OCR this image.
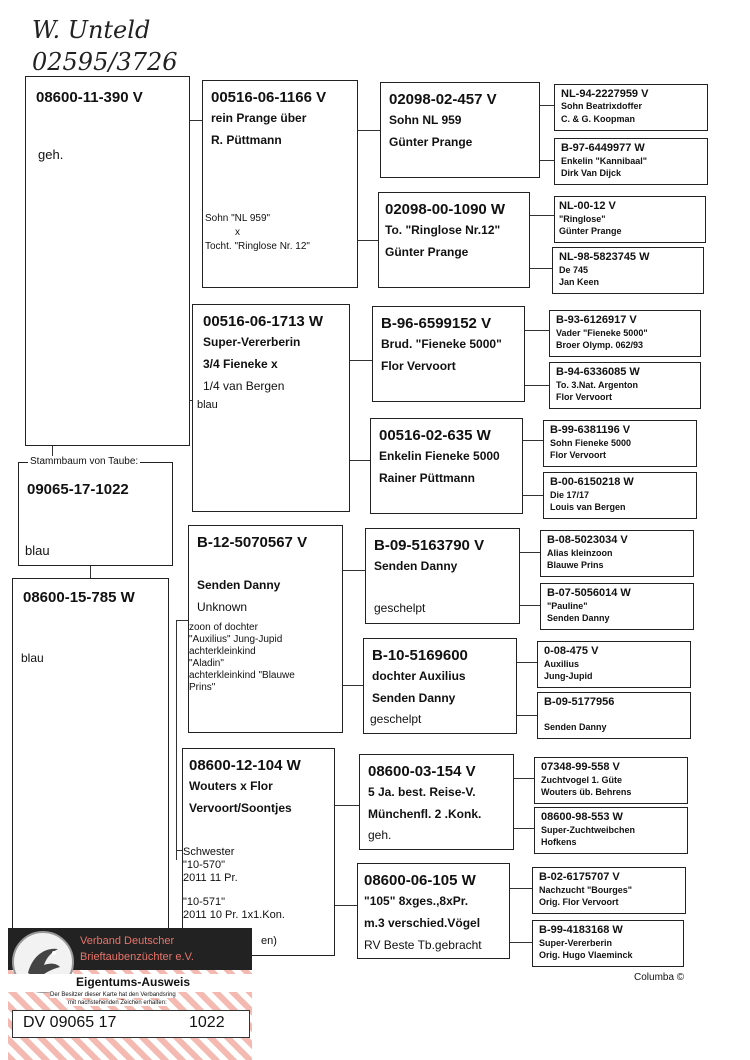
W. Unteld
02595/3726
08600-11-390 V
geh.
09065-17-1022
blau
Stammbaum von Taube:
08600-15-785 W
blau
00516-06-1166 V
rein Prange über
R. Püttmann
Sohn "NL 959"
x
Tocht. "Ringlose Nr. 12"
00516-06-1713 W
Super-Vererberin
3/4 Fieneke x
1/4 van Bergen
blau
B-12-5070567 V
Senden Danny
Unknown
zoon of dochter
"Auxilius" Jung-Jupid
achterkleinkind
"Aladin"
achterkleinkind "Blauwe
Prins"
08600-12-104 W
Wouters x Flor
Vervoort/Soontjes
Schwester
"10-570"
2011 11 Pr.
"10-571"
2011 10 Pr. 1x1.Kon.
en)
02098-02-457 V
Sohn NL 959
Günter Prange
02098-00-1090 W
To. "Ringlose Nr.12"
Günter Prange
B-96-6599152 V
Brud. "Fieneke 5000"
Flor Vervoort
00516-02-635 W
Enkelin Fieneke 5000
Rainer Püttmann
B-09-5163790 V
Senden Danny
geschelpt
B-10-5169600
dochter Auxilius
Senden Danny
geschelpt
08600-03-154 V
5 Ja. best. Reise-V.
Münchenfl. 2 .Konk.
geh.
08600-06-105 W
"105" 8xges.,8xPr.
m.3 verschied.Vögel
RV Beste Tb.gebracht
NL-94-2227959 V
Sohn Beatrixdoffer
C. & G. Koopman
B-97-6449977 W
Enkelin "Kannibaal"
Dirk Van Dijck
NL-00-12 V
"Ringlose"
Günter Prange
NL-98-5823745 W
De 745
Jan Keen
B-93-6126917 V
Vader "Fieneke 5000"
Broer Olymp. 062/93
B-94-6336085 W
To. 3.Nat. Argenton
Flor Vervoort
B-99-6381196 V
Sohn Fieneke 5000
Flor Vervoort
B-00-6150218 W
Die 17/17
Louis van Bergen
B-08-5023034 V
Alias kleinzoon
Blauwe Prins
B-07-5056014 W
"Pauline"
Senden Danny
0-08-475 V
Auxilius
Jung-Jupid
B-09-5177956
Senden Danny
07348-99-558 V
Zuchtvogel 1. Güte
Wouters üb. Behrens
08600-98-553 W
Super-Zuchtweibchen
Hofkens
B-02-6175707 V
Nachzucht "Bourges"
Orig. Flor Vervoort
B-99-4183168 W
Super-Vererberin
Orig. Hugo Vlaeminck
Columba ©
Verband Deutscher
Brieftaubenzüchter e.V.
Eigentums-Ausweis
Der Besitzer dieser Karte hat den Verbandsring
mit nachstehenden Zeichen erhalten:
DV 09065 17	1022
